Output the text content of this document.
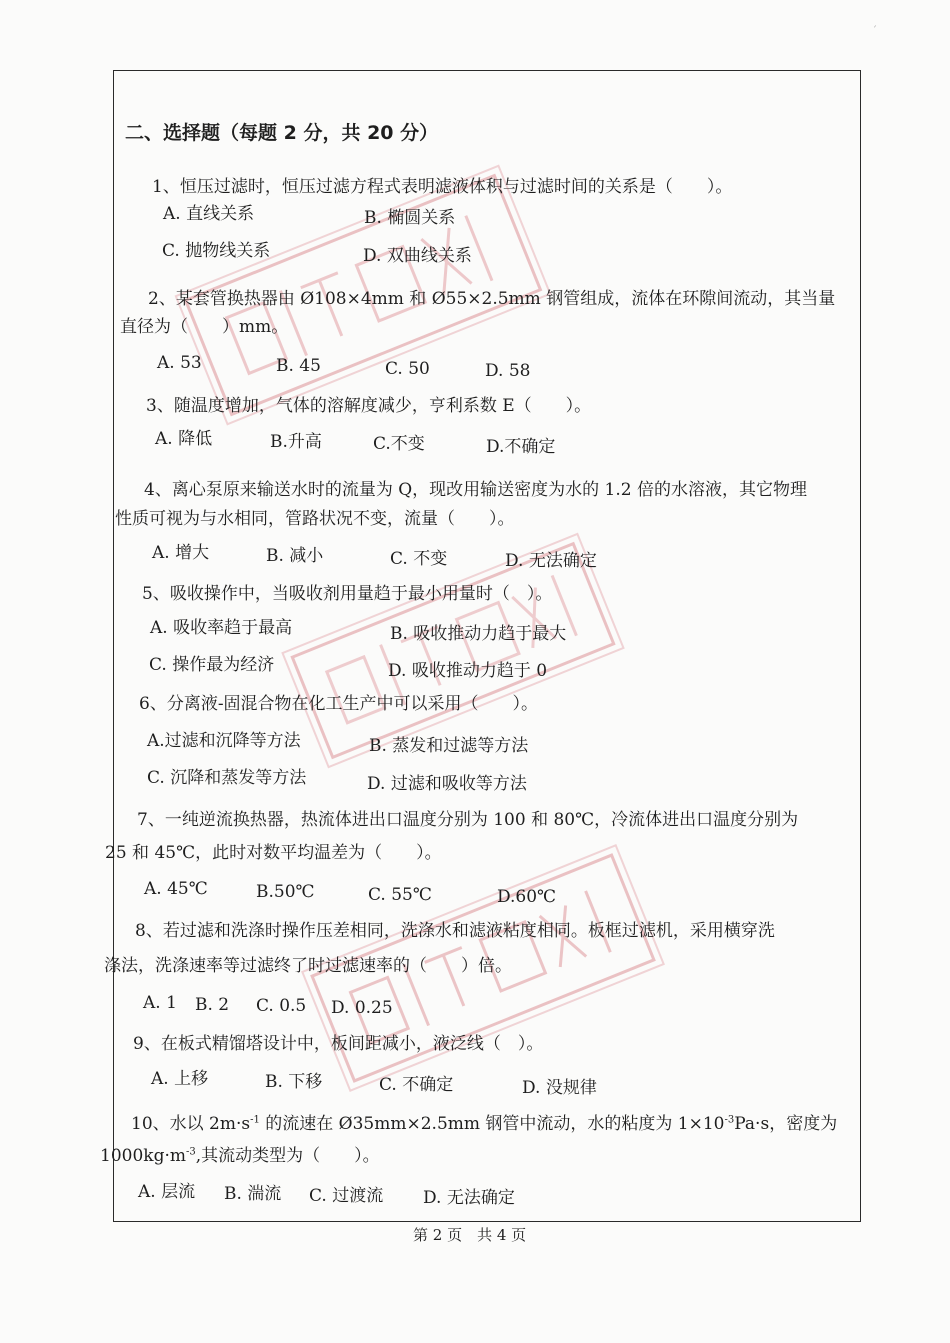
ˊ
二、选择题（每题 2 分，共 20 分）
1、恒压过滤时，恒压过滤方程式表明滤液体积与过滤时间的关系是（　　）。
A. 直线关系	B. 椭圆关系
C. 抛物线关系	D. 双曲线关系
2、某套管换热器由 Ø108×4mm 和 Ø55×2.5mm 钢管组成，流体在环隙间流动，其当量
直径为（　　）mm。
A. 53	B. 45	C. 50	D. 58
3、随温度增加，气体的溶解度减少，亨利系数 E（　　）。
A. 降低	B.升高	C.不变	D.不确定
4、离心泵原来输送水时的流量为 Q，现改用输送密度为水的 1.2 倍的水溶液，其它物理
性质可视为与水相同，管路状况不变，流量（　　）。
A. 增大	B. 减小	C. 不变	D. 无法确定
5、吸收操作中，当吸收剂用量趋于最小用量时（　）。
A. 吸收率趋于最高	B. 吸收推动力趋于最大
C. 操作最为经济	D. 吸收推动力趋于 0
6、分离液-固混合物在化工生产中可以采用（　　）。
A.过滤和沉降等方法	B. 蒸发和过滤等方法
C. 沉降和蒸发等方法	D. 过滤和吸收等方法
7、一纯逆流换热器，热流体进出口温度分别为 100 和 80℃，冷流体进出口温度分别为
25 和 45℃，此时对数平均温差为（　　）。
A. 45℃	B.50℃	C. 55℃	D.60℃
8、若过滤和洗涤时操作压差相同，洗涤水和滤液粘度相同。板框过滤机，采用横穿洗
涤法，洗涤速率等过滤终了时过滤速率的（　　）倍。
A. 1 B. 2 C. 0.5 D. 0.25
9、在板式精馏塔设计中，板间距减小，液泛线（　）。
A. 上移	B. 下移	C. 不确定	D. 没规律
10、水以 $2m\cdot s^{-1}$ 的流速在 Ø35mm×2.5mm 钢管中流动，水的粘度为 $1\times 10^{-3}Pa\cdot s$，密度为
$1000kg\cdot m^{-3}$,其流动类型为（　　）。
A. 层流 B. 湍流 C. 过渡流 D. 无法确定
第 2 页　共 4 页
